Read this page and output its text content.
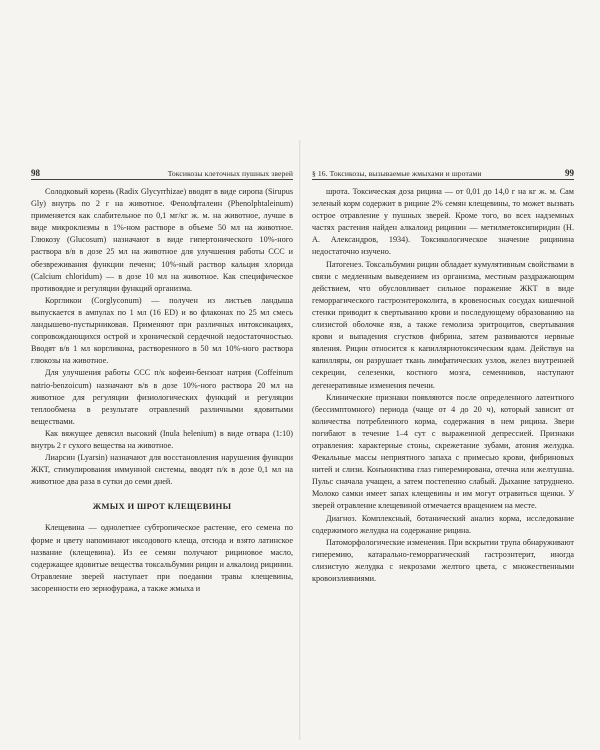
98	Токсикозы клеточных пушных зверей	§ 16. Токсикозы, вызываемые жмыхами и шротами	99

Солодковый корень (Radix Glycyrrhizae) вводят в виде сиропа (Sirupus Gly) внутрь по 2 г на животное. Фенолфталеин (Phenolphtaleinum) применяется как слабительное по 0,1 мг/кг ж. м. на животное, лучше в виде микроклизмы в 1%-ном растворе в объеме 50 мл на животное. Глюкозу (Glucosum) назначают в виде гипертонического 10%-ного раствора в/в в дозе 25 мл на животное для улучшения работы ССС и обезвреживания функции печени; 10%-ный раствор кальция хлорида (Calcium chloridum) — в дозе 10 мл на животное. Как специфическое противоядие и регуляции функций организма.

Коргликон (Corglyconum) — получен из листьев ландыша выпускается в ампулах по 1 мл (16 ED) и во флаконах по 25 мл смесь ландышево-пустырниковая. Применяют при различных интоксикациях, сопровождающихся острой и хронической сердечной недостаточностью. Вводят в/в 1 мл коргликона, растворенного в 50 мл 10%-ного раствора глюкозы на животное.

Для улучшения работы ССС п/к кофеин-бензоат натрия (Coffeinum natrio-benzoicum) назначают в/в в дозе 10%-ного раствора 20 мл на животное для регуляции физиологических функций и регуляции теплообмена в результате отравлений различными ядовитыми веществами.

Как вяжущее девясил высокий (Inula helenium) в виде отвара (1:10) внутрь 2 г сухого вещества на животное.

Лиарсин (Lyarsin) назначают для восстановления нарушения функции ЖКТ, стимулирования иммунной системы, вводят п/к в дозе 0,1 мл на животное два раза в сутки до семи дней.

ЖМЫХ И ШРОТ КЛЕЩЕВИНЫ

Клещевина — однолетнее субтропическое растение, его семена по форме и цвету напоминают иксодового клеща, отсюда и взято латинское название (клещевина). Из ее семян получают рициновое масло, содержащее ядовитые вещества токсальбумин рицин и алкалоид рицинин. Отравление зверей наступает при поедании травы клещевины, засоренности ею зернофуража, а также жмыха и

шрота. Токсическая доза рицина — от 0,01 до 14,0 г на кг ж. м. Сам зеленый корм содержит в рицине 2% семян клещевины, то может вызвать острое отравление у пушных зверей. Кроме того, во всех надземных частях растения найден алкалоид рицинин — метилметоксипиридин (Н. А. Александров, 1934). Токсикологическое значение рицинина недостаточно изучено.

Патогенез. Токсальбумин рицин обладает кумулятивным свойствами в связи с медленным выведением из организма, местным раздражающим действием, что обусловливает сильное поражение ЖКТ в виде геморрагического гастроэнтероколита, в кровеносных сосудах кишечной стенки приводит к свертыванию крови и последующему образованию на слизистой оболочке язв, а также гемолиза эритроцитов, свертывания крови и выпадения сгустков фибрина, затем развиваются нервные явления. Рицин относится к капиллярнотоксическим ядам. Действуя на капилляры, он разрушает ткань лимфатических узлов, желез внутренней секреции, селезенки, костного мозга, семенников, наступают дегенеративные изменения печени.

Клинические признаки появляются после определенного латентного (бессимптомного) периода (чаще от 4 до 20 ч), который зависит от количества потребленного корма, содержания в нем рицина. Звери погибают в течение 1–4 сут с выраженной депрессией. Признаки отравления: характерные стоны, скрежетание зубами, атония желудка. Фекальные массы неприятного запаха с примесью крови, фибриновых нитей и слизи. Конъюнктива глаз гиперемирована, отечна или желтушна. Пульс сначала учащен, а затем постепенно слабый. Дыхание затруднено. Молоко самки имеет запах клещевины и им могут отравиться щенки. У зверей отравление клещевиной отмечается вращением на месте.

Диагноз. Комплексный, ботанический анализ корма, исследование содержимого желудка на содержание рицина.

Патоморфологические изменения. При вскрытии трупа обнаруживают гиперемию, катарально-геморрагический гастроэнтерит, иногда слизистую желудка с некрозами желтого цвета, с множественными кровоизлияниями.
